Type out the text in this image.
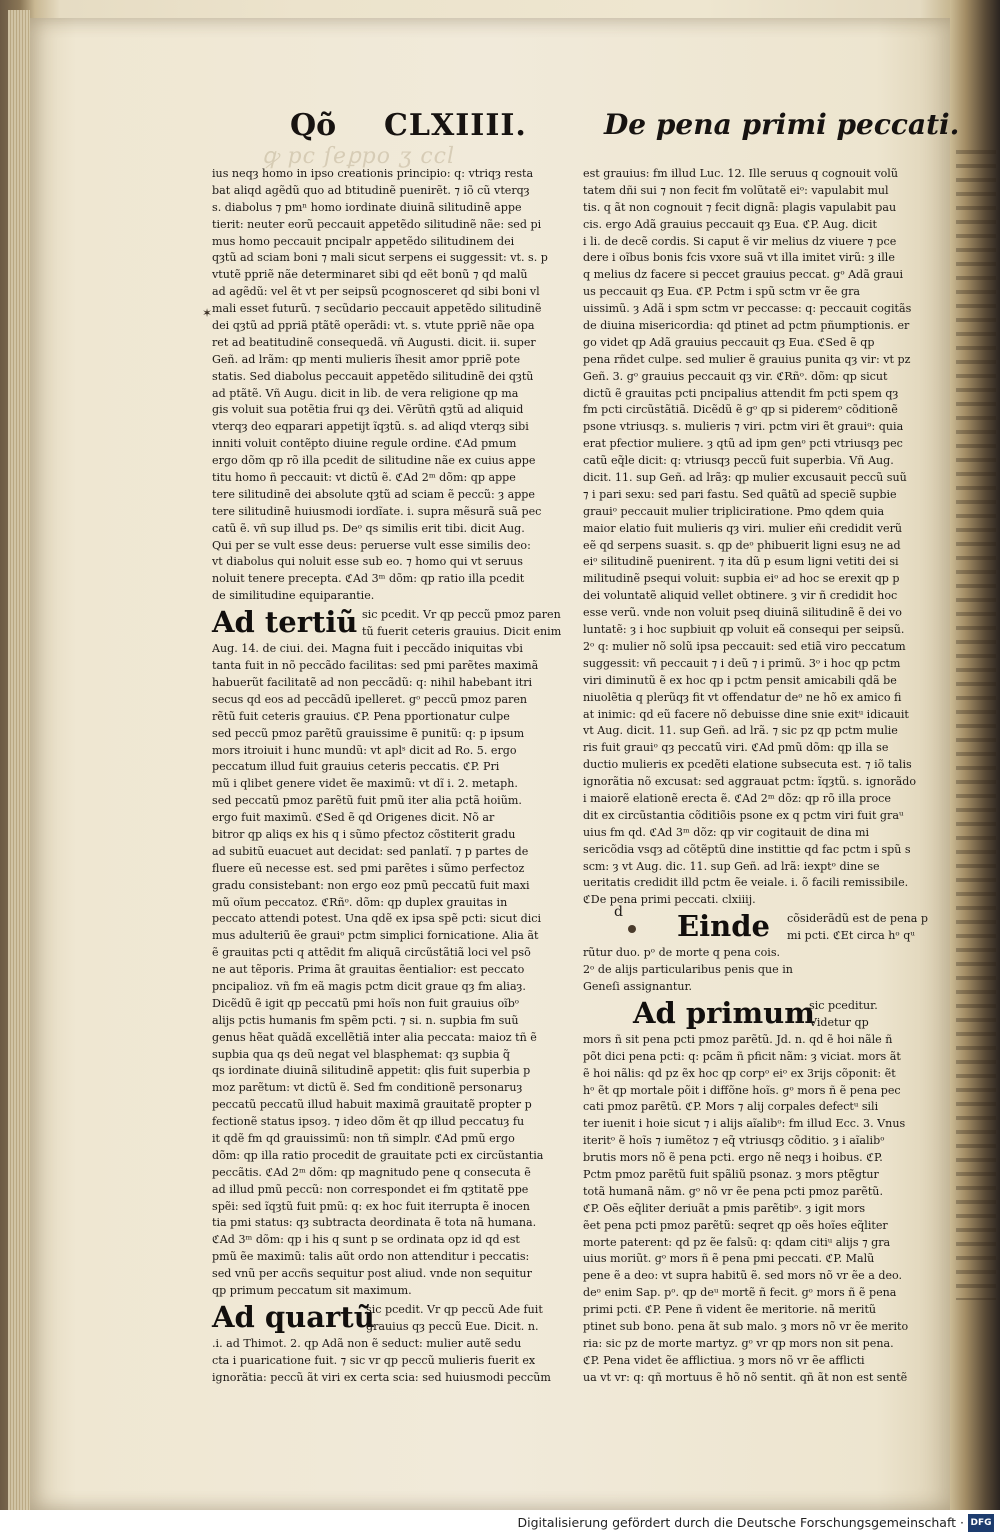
ꝙ pc ſeꝑpo ʒ ccl
Qõ CLXIIII.	De pena primi peccati.
✶
ius neqȝ homo in ipso creationis principio: q: vtriqȝ resta
bat aliqd agẽdũ quo ad btitudinẽ puenirẽt. ⁊ iõ cũ vterqȝ
s. diabolus ⁊ pmⁿ homo iordinate diuinã silitudinẽ appe
tierit: neuter eorũ peccauit appetẽdo silitudinẽ nãe: sed pi
mus homo peccauit pncipalr appetẽdo silitudinem dei
qȝtũ ad sciam boni ⁊ mali sicut serpens ei suggessit: vt. s. p
vtutẽ ppriẽ nãe determinaret sibi qd eẽt bonũ ⁊ qd malũ
ad agẽdũ: vel ẽt vt per seipsũ pcognosceret qd sibi boni vl
mali esset futurũ. ⁊ secũdario peccauit appetẽdo silitudinẽ
dei qȝtũ ad ppriã ptãtẽ operãdi: vt. s. vtute ppriẽ nãe opa
ret ad beatitudinẽ consequedã. vñ Augusti. dicit. ii. super
Geñ. ad lrãm: qp menti mulieris ĩhesit amor ppriẽ pote
statis. Sed diabolus peccauit appetẽdo silitudinẽ dei qȝtũ
ad ptãtẽ. Vñ Augu. dicit in lib. de vera religione qp ma
gis voluit sua potẽtia frui qȝ dei. Vẽrũtñ qȝtũ ad aliquid
vterqȝ deo eqparari appetijt ĩqȝtũ. s. ad aliqd vterqȝ sibi
inniti voluit contẽpto diuine regule ordine. ℭAd pmum
ergo dõm qp rõ illa pcedit de silitudine nãe ex cuius appe
titu homo ñ peccauit: vt dictũ ẽ. ℭAd 2ᵐ dõm: qp appe
tere silitudinẽ dei absolute qȝtũ ad sciam ẽ peccũ: ȝ appe
tere silitudinẽ huiusmodi iordĩate. i. supra mẽsurã suã pec
catũ ẽ. vñ sup illud ps. Deᵒ qs similis erit tibi. dicit Aug.
Qui per se vult esse deus: peruerse vult esse similis deo:
vt diabolus qui noluit esse sub eo. ⁊ homo qui vt seruus
noluit tenere precepta. ℭAd 3ᵐ dõm: qp ratio illa pcedit
de similitudine equiparantie.
Ad tertiũ sic pcedit. Vr qp peccũ pmoz paren
tũ fuerit ceteris grauius. Dicit enim
Aug. 14. de ciui. dei. Magna fuit i peccãdo iniquitas vbi
tanta fuit in nõ peccãdo facilitas: sed pmi parẽtes maximã
habuerũt facilitatẽ ad non peccãdũ: q: nihil habebant itri
secus qd eos ad peccãdũ ipelleret. gᵒ peccũ pmoz paren
rẽtũ fuit ceteris grauius. ℭP. Pena pportionatur culpe
sed peccũ pmoz parẽtũ grauissime ẽ punitũ: q: p ipsum
mors itroiuit i hunc mundũ: vt aplˢ dicit ad Ro. 5. ergo
peccatum illud fuit grauius ceteris peccatis. ℭP. Pri
mũ i qlibet genere videt ẽe maximũ: vt dĩ i. 2. metaph.
sed peccatũ pmoz parẽtũ fuit pmũ iter alia pctã hoiũm.
ergo fuit maximũ. ℭSed ẽ qd Origenes dicit. Nõ ar
bitror qp aliqs ex his q i sũmo pfectoz cõstiterit gradu
ad subitũ euacuet aut decidat: sed panlatĩ. ⁊ p partes de
fluere eũ necesse est. sed pmi parẽtes i sũmo perfectoz
gradu consistebant: non ergo eoz pmũ peccatũ fuit maxi
mũ oĩum peccatoz. ℭRñᵒ. dõm: qp duplex grauitas in
peccato attendi potest. Una qdẽ ex ipsa spẽ pcti: sicut dici
mus adulteriũ ẽe grauiᵒ pctm simplici fornicatione. Alia ãt
ẽ grauitas pcti q attẽdit fm aliquã circũstãtiã loci vel psõ
ne aut tẽporis. Prima ãt grauitas ẽentialior: est peccato
pncipalioz. vñ fm eã magis pctm dicit graue qȝ fm aliaȝ.
Dicẽdũ ẽ igit qp peccatũ pmi hoĩs non fuit grauius oĩbᵒ
alijs pctis humanis fm spẽm pcti. ⁊ si. n. supbia fm suũ
genus hẽat quãdã excellẽtiã inter alia peccata: maioz tñ ẽ
supbia qua qs deũ negat vel blasphemat: qȝ supbia q̃
qs iordinate diuinã silitudinẽ appetit: qlis fuit superbia p
moz parẽtum: vt dictũ ẽ. Sed fm conditionẽ personaruȝ
peccatũ peccatũ illud habuit maximã grauitatẽ propter p
fectionẽ status ipsoȝ. ⁊ ideo dõm ẽt qp illud peccatuȝ fu
it qdẽ fm qd grauissimũ: non tñ simplr. ℭAd pmũ ergo
dõm: qp illa ratio procedit de grauitate pcti ex circũstantia
peccãtis. ℭAd 2ᵐ dõm: qp magnitudo pene q consecuta ẽ
ad illud pmũ peccũ: non correspondet ei fm qȝtitatẽ ppe
spẽi: sed ĩqȝtũ fuit pmũ: q: ex hoc fuit iterrupta ẽ inocen
tia pmi status: qȝ subtracta deordinata ẽ tota nã humana.
ℭAd 3ᵐ dõm: qp i his q sunt p se ordinata opz id qd est
pmũ ẽe maximũ: talis aũt ordo non attenditur i peccatis:
sed vnũ per accñs sequitur post aliud. vnde non sequitur
qp primum peccatum sit maximum.
Ad quartũ
sic pcedit. Vr qp peccũ Ade fuit
grauius qȝ peccũ Eue. Dicit. n.
.i. ad Thimot. 2. qp Adã non ẽ seduct: mulier autẽ sedu
cta i puaricatione fuit. ⁊ sic vr qp peccũ mulieris fuerit ex
ignorãtia: peccũ ãt viri ex certa scia: sed huiusmodi peccũm
est grauius: fm illud Luc. 12. Ille seruus q cognouit volũ
tatem dñi sui ⁊ non fecit fm volũtatẽ eiᵒ: vapulabit mul
tis. q ãt non cognouit ⁊ fecit dignã: plagis vapulabit pau
cis. ergo Adã grauius peccauit qȝ Eua. ℭP. Aug. dicit
i li. de decẽ cordis. Si caput ẽ vir melius dz viuere ⁊ pce
dere i oĩbus bonis fcis vxore suã vt illa imitet virũ: ȝ ille
q melius dz facere si peccet grauius peccat. gᵒ Adã graui
us peccauit qȝ Eua. ℭP. Pctm i spũ sctm vr ẽe gra
uissimũ. ȝ Adã i spm sctm vr peccasse: q: peccauit cogitãs
de diuina misericordia: qd ptinet ad pctm pñumptionis. er
go videt qp Adã grauius peccauit qȝ Eua. ℭSed ẽ qp
pena rñdet culpe. sed mulier ẽ grauius punita qȝ vir: vt pz
Geñ. 3. gᵒ grauius peccauit qȝ vir. ℭRñᵒ. dõm: qp sicut
dictũ ẽ grauitas pcti pncipalius attendit fm pcti spem qȝ
fm pcti circũstãtiã. Dicẽdũ ẽ gᵒ qp si pideremᵒ cõditionẽ
psone vtriusqȝ. s. mulieris ⁊ viri. pctm viri ẽt grauiᵒ: quia
erat pfectior muliere. ȝ qtũ ad ipm genᵒ pcti vtriusqȝ pec
catũ eq̃le dicit: q: vtriusqȝ peccũ fuit superbia. Vñ Aug.
dicit. 11. sup Geñ. ad lrãȝ: qp mulier excusauit peccũ suũ
⁊ i pari sexu: sed pari fastu. Sed quãtũ ad speciẽ supbie
grauiᵒ peccauit mulier tripliciratione. Pmo qdem quia
maior elatio fuit mulieris qȝ viri. mulier eñi credidit verũ
eẽ qd serpens suasit. s. qp deᵒ phibuerit ligni esuȝ ne ad
eiᵒ silitudinẽ puenirent. ⁊ ita dũ p esum ligni vetiti dei si
militudinẽ psequi voluit: supbia eiᵒ ad hoc se erexit qp p
dei voluntatẽ aliquid vellet obtinere. ȝ vir ñ credidit hoc
esse verũ. vnde non voluit pseq diuinã silitudinẽ ẽ dei vo
luntatẽ: ȝ i hoc supbiuit qp voluit eã consequi per seipsũ.
2ᵒ q: mulier nõ solũ ipsa peccauit: sed etiã viro peccatum
suggessit: vñ peccauit ⁊ i deũ ⁊ i primũ. 3ᵒ i hoc qp pctm
viri diminutũ ẽ ex hoc qp i pctm pensit amicabili qdã be
niuolẽtia q plerũqȝ fit vt offendatur deᵒ ne hõ ex amico fi
at inimic: qd eũ facere nõ debuisse dine snie exitᵘ idicauit
vt Aug. dicit. 11. sup Geñ. ad lrã. ⁊ sic pz qp pctm mulie
ris fuit grauiᵒ qȝ peccatũ viri. ℭAd pmũ dõm: qp illa se
ductio mulieris ex pcedẽti elatione subsecuta est. ⁊ iõ talis
ignorãtia nõ excusat: sed aggrauat pctm: ĩqȝtũ. s. ignorãdo
i maiorẽ elationẽ erecta ẽ. ℭAd 2ᵐ dõz: qp rõ illa proce
dit ex circũstantia cõditiõis psone ex q pctm viri fuit graᵘ
uius fm qd. ℭAd 3ᵐ dõz: qp vir cogitauit de dina mi
sericõdia vsqȝ ad cõtẽptũ dine instittie qd fac pctm i spũ s
scm: ȝ vt Aug. dic. 11. sup Geñ. ad lrã: iexptᵒ dine se
ueritatis credidit illd pctm ẽe veiale. i. õ facili remissibile.
ℭDe pena primi peccati. clxiiij.
Einde cõsiderãdũ est de pena p
mi pcti. ℭEt circa hᵒ qᵘ
rũtur duo. pᵒ de morte q pena cois.
2ᵒ de alijs particularibus penis que in
Geneſi assignantur.
Ad primum
sic pceditur.
Videtur qp
mors ñ sit pena pcti pmoz parẽtũ. Jd. n. qd ẽ hoi nãle ñ
põt dici pena pcti: q: pcãm ñ pficit nãm: ȝ viciat. mors ãt
ẽ hoi nãlis: qd pz ẽx hoc qp corpᵒ eiᵒ ex 3rijs cõponit: ẽt
hᵒ ẽt qp mortale põit i diffõne hoĩs. gᵒ mors ñ ẽ pena pec
cati pmoz parẽtũ. ℭP. Mors ⁊ alij corpales defectᵘ sili
ter iuenit i hoie sicut ⁊ i alijs aĩalibᵒ: fm illud Ecc. 3. Vnus
iteritᵒ ẽ hoĩs ⁊ iumẽtoz ⁊ eq̃ vtriusqȝ cõditio. ȝ i aĩalibᵒ
brutis mors nõ ẽ pena pcti. ergo nẽ neqȝ i hoibus. ℭP.
Pctm pmoz parẽtũ fuit spãliũ psonaz. ȝ mors ptẽgtur
totã humanã nãm. gᵒ nõ vr ẽe pena pcti pmoz parẽtũ.
ℭP. Oẽs eq̃liter deriuãt a pmis parẽtibᵒ. ȝ igit mors
ẽet pena pcti pmoz parẽtũ: seqret qp oẽs hoĩes eq̃liter
morte paterent: qd pz ẽe falsũ: q: qdam citiᵘ alijs ⁊ gra
uius moriũt. gᵒ mors ñ ẽ pena pmi peccati. ℭP. Malũ
pene ẽ a deo: vt supra habitũ ẽ. sed mors nõ vr ẽe a deo.
deᵒ enim Sap. pᵒ. qp deᵘ mortẽ ñ fecit. gᵒ mors ñ ẽ pena
primi pcti. ℭP. Pene ñ vident ẽe meritorie. nã meritũ
ptinet sub bono. pena ãt sub malo. ȝ mors nõ vr ẽe merito
ria: sic pz de morte martyz. gᵒ vr qp mors non sit pena.
ℭP. Pena videt ẽe afflictiua. ȝ mors nõ vr ẽe afflicti
ua vt vr: q: qñ mortuus ẽ hõ nõ sentit. qñ ãt non est sentẽ
d
Digitalisierung gefördert durch die Deutsche Forschungsgemeinschaft · DFG
